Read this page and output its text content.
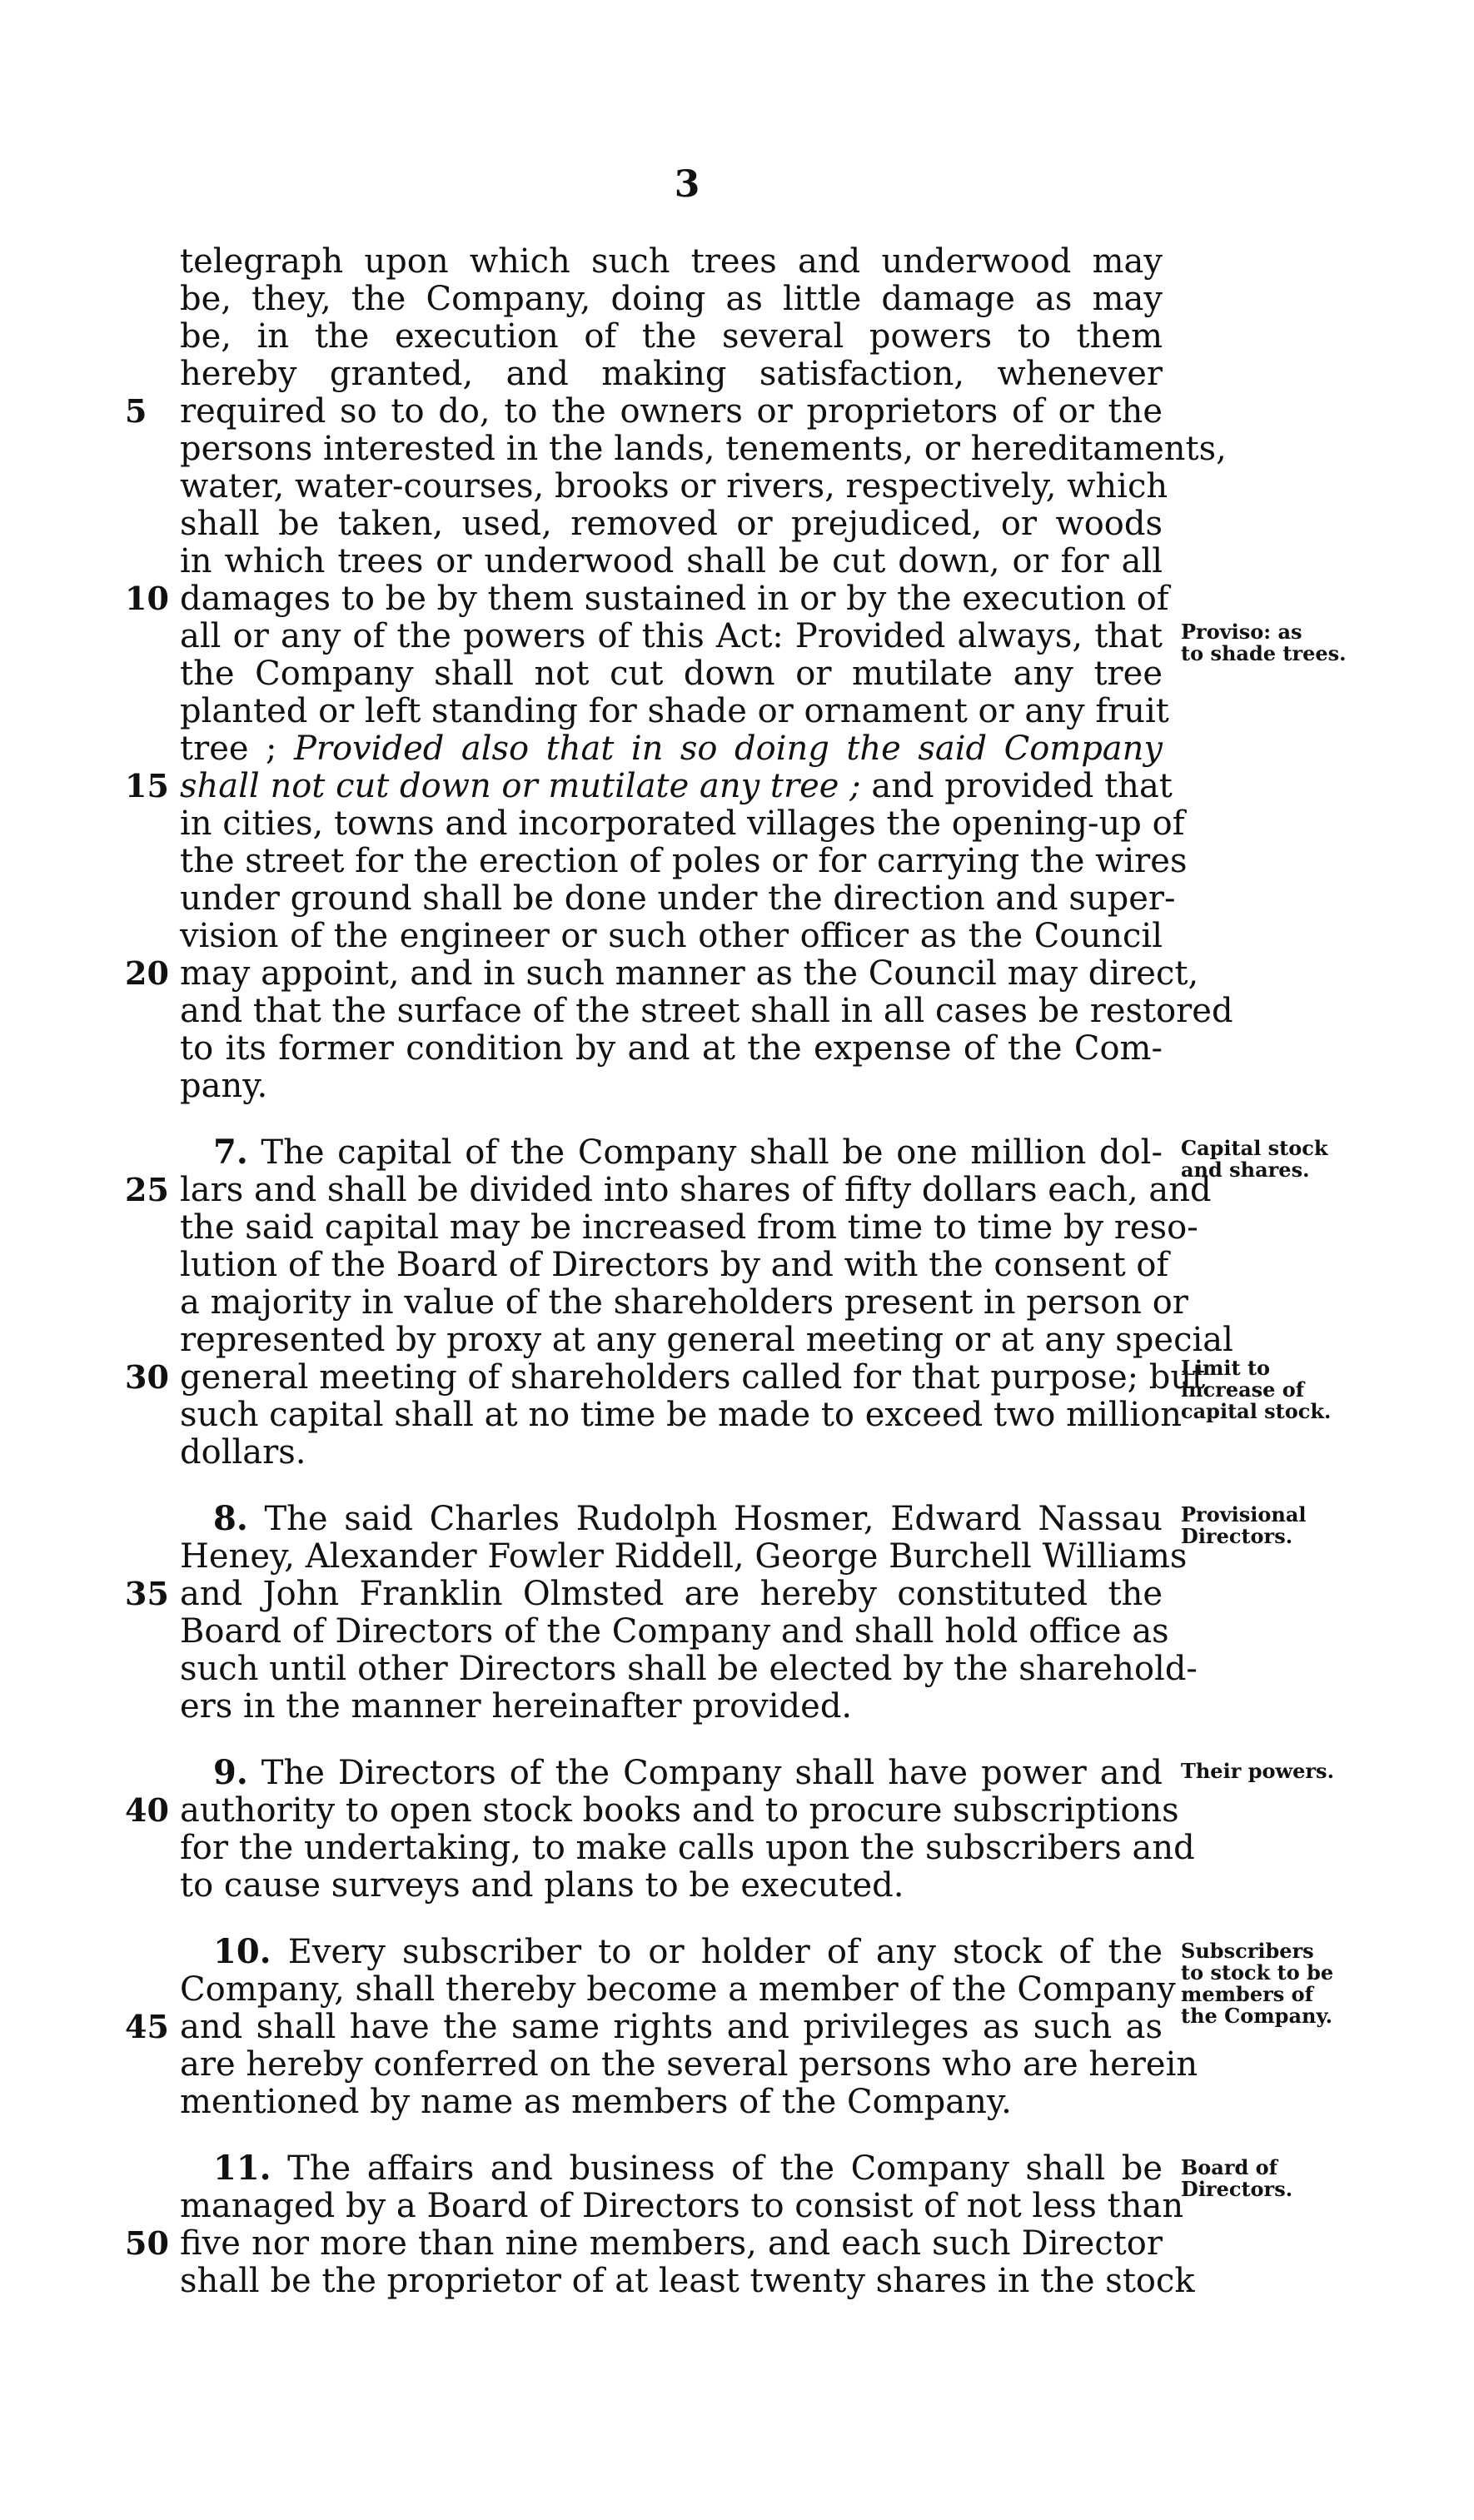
3
telegraph upon which such trees and underwood may
be, they, the Company, doing as little damage as may
be, in the execution of the several powers to them
hereby granted, and making satisfaction, whenever
5 required so to do, to the owners or proprietors of or the
persons interested in the lands, tenements, or hereditaments,
water, water-courses, brooks or rivers, respectively, which
shall be taken, used, removed or prejudiced, or woods
in which trees or underwood shall be cut down, or for all
10 damages to be by them sustained in or by the execution of
all or any of the powers of this Act: Provided always, that
the Company shall not cut down or mutilate any tree
planted or left standing for shade or ornament or any fruit
tree ; Provided also that in so doing the said Company
15 shall not cut down or mutilate any tree ; and provided that
in cities, towns and incorporated villages the opening-up of
the street for the erection of poles or for carrying the wires
under ground shall be done under the direction and super-
vision of the engineer or such other officer as the Council
20 may appoint, and in such manner as the Council may direct,
and that the surface of the street shall in all cases be restored
to its former condition by and at the expense of the Com-
pany.
Proviso: as
to shade trees.
7. The capital of the Company shall be one million dol-
25 lars and shall be divided into shares of fifty dollars each, and
the said capital may be increased from time to time by reso-
lution of the Board of Directors by and with the consent of
a majority in value of the shareholders present in person or
represented by proxy at any general meeting or at any special
30 general meeting of shareholders called for that purpose; but
such capital shall at no time be made to exceed two million
dollars.
Capital stock
and shares.
Limit to
increase of
capital stock.
8. The said Charles Rudolph Hosmer, Edward Nassau
Heney, Alexander Fowler Riddell, George Burchell Williams
35 and John Franklin Olmsted are hereby constituted the
Board of Directors of the Company and shall hold office as
such until other Directors shall be elected by the sharehold-
ers in the manner hereinafter provided.
Provisional
Directors.
9. The Directors of the Company shall have power and
40 authority to open stock books and to procure subscriptions
for the undertaking, to make calls upon the subscribers and
to cause surveys and plans to be executed.
Their powers.
10. Every subscriber to or holder of any stock of the
Company, shall thereby become a member of the Company
45 and shall have the same rights and privileges as such as
are hereby conferred on the several persons who are herein
mentioned by name as members of the Company.
Subscribers
to stock to be
members of
the Company.
11. The affairs and business of the Company shall be
managed by a Board of Directors to consist of not less than
50 five nor more than nine members, and each such Director
shall be the proprietor of at least twenty shares in the stock
Board of
Directors.
